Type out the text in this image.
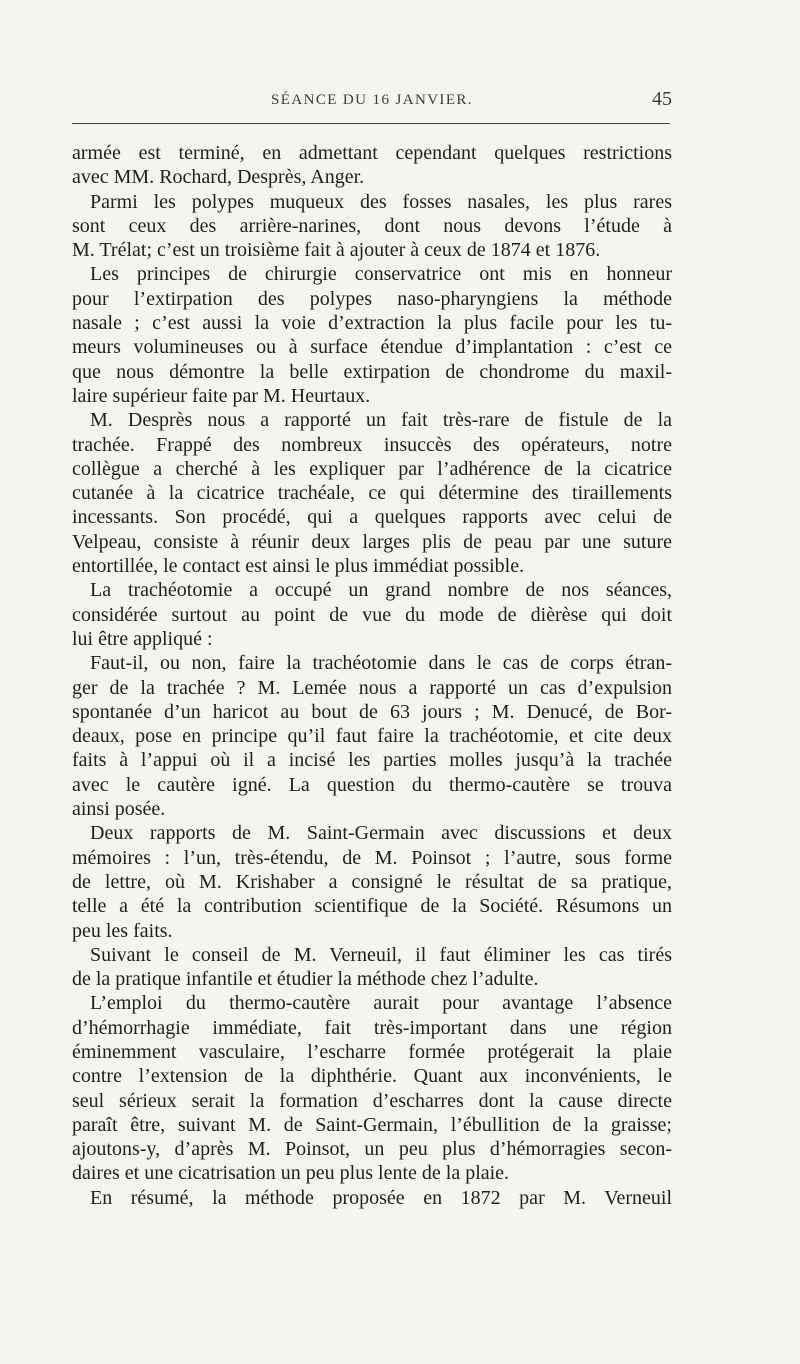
SÉANCE DU 16 JANVIER.	45
armée est terminé, en admettant cependant quelques restrictions
avec MM. Rochard, Desprès, Anger.
Parmi les polypes muqueux des fosses nasales, les plus rares
sont ceux des arrière-narines, dont nous devons l’étude à
M. Trélat; c’est un troisième fait à ajouter à ceux de 1874 et 1876.
Les principes de chirurgie conservatrice ont mis en honneur
pour l’extirpation des polypes naso-pharyngiens la méthode
nasale ; c’est aussi la voie d’extraction la plus facile pour les tu-
meurs volumineuses ou à surface étendue d’implantation : c’est ce
que nous démontre la belle extirpation de chondrome du maxil-
laire supérieur faite par M. Heurtaux.
M. Desprès nous a rapporté un fait très-rare de fistule de la
trachée. Frappé des nombreux insuccès des opérateurs, notre
collègue a cherché à les expliquer par l’adhérence de la cicatrice
cutanée à la cicatrice trachéale, ce qui détermine des tiraillements
incessants. Son procédé, qui a quelques rapports avec celui de
Velpeau, consiste à réunir deux larges plis de peau par une suture
entortillée, le contact est ainsi le plus immédiat possible.
La trachéotomie a occupé un grand nombre de nos séances,
considérée surtout au point de vue du mode de dièrèse qui doit
lui être appliqué :
Faut-il, ou non, faire la trachéotomie dans le cas de corps étran-
ger de la trachée ? M. Lemée nous a rapporté un cas d’expulsion
spontanée d’un haricot au bout de 63 jours ; M. Denucé, de Bor-
deaux, pose en principe qu’il faut faire la trachéotomie, et cite deux
faits à l’appui où il a incisé les parties molles jusqu’à la trachée
avec le cautère igné. La question du thermo-cautère se trouva
ainsi posée.
Deux rapports de M. Saint-Germain avec discussions et deux
mémoires : l’un, très-étendu, de M. Poinsot ; l’autre, sous forme
de lettre, où M. Krishaber a consigné le résultat de sa pratique,
telle a été la contribution scientifique de la Société. Résumons un
peu les faits.
Suivant le conseil de M. Verneuil, il faut éliminer les cas tirés
de la pratique infantile et étudier la méthode chez l’adulte.
L’emploi du thermo-cautère aurait pour avantage l’absence
d’hémorrhagie immédiate, fait très-important dans une région
éminemment vasculaire, l’escharre formée protégerait la plaie
contre l’extension de la diphthérie. Quant aux inconvénients, le
seul sérieux serait la formation d’escharres dont la cause directe
paraît être, suivant M. de Saint-Germain, l’ébullition de la graisse;
ajoutons-y, d’après M. Poinsot, un peu plus d’hémorragies secon-
daires et une cicatrisation un peu plus lente de la plaie.
En résumé, la méthode proposée en 1872 par M. Verneuil
